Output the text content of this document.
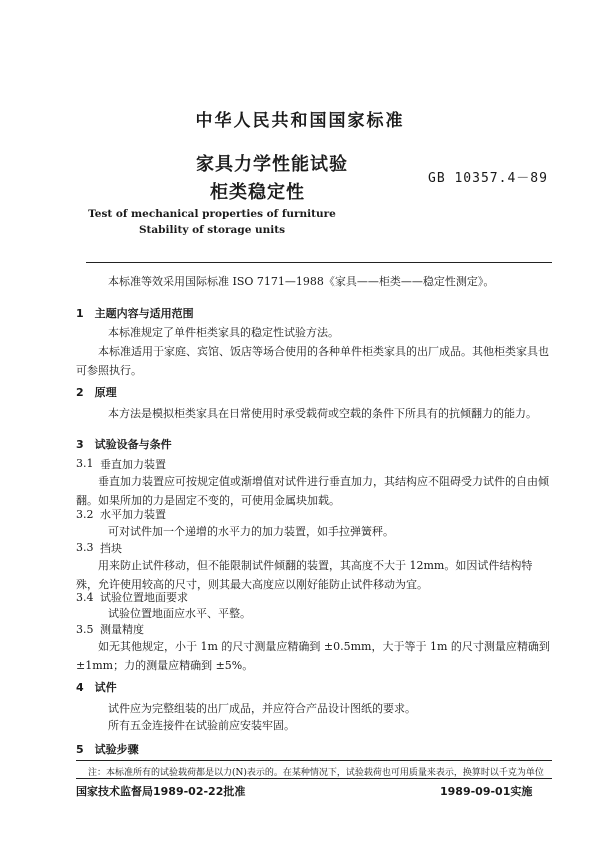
中华人民共和国国家标准
家具力学性能试验
柜类稳定性
GB 10357.4－89
Test of mechanical properties of furniture
Stability of storage units
本标准等效采用国际标准 ISO 7171—1988《家具——柜类——稳定性测定》。
1　主题内容与适用范围
本标准规定了单件柜类家具的稳定性试验方法。
本标准适用于家庭、宾馆、饭店等场合使用的各种单件柜类家具的出厂成品。其他柜类家具也可参照执行。
2　原理
本方法是模拟柜类家具在日常使用时承受载荷或空载的条件下所具有的抗倾翻力的能力。
3　试验设备与条件
3.1 垂直加力装置
垂直加力装置应可按规定值或渐增值对试件进行垂直加力，其结构应不阻碍受力试件的自由倾翻。如果所加的力是固定不变的，可使用金属块加载。
3.2 水平加力装置
可对试件加一个递增的水平力的加力装置，如手拉弹簧秤。
3.3 挡块
用来防止试件移动，但不能限制试件倾翻的装置，其高度不大于 12mm。如因试件结构特殊，允许使用较高的尺寸，则其最大高度应以刚好能防止试件移动为宜。
3.4 试验位置地面要求
试验位置地面应水平、平整。
3.5 测量精度
如无其他规定，小于 1m 的尺寸测量应精确到 ±0.5mm，大于等于 1m 的尺寸测量应精确到 ±1mm；力的测量应精确到 ±5%。
4　试件
试件应为完整组装的出厂成品，并应符合产品设计图纸的要求。
所有五金连接件在试验前应安装牢固。
5　试验步骤
注：本标准所有的试验载荷都是以力(N)表示的。在某种情况下，试验载荷也可用质量来表示，换算时以千克为单位
国家技术监督局1989-02-22批准	1989-09-01实施
